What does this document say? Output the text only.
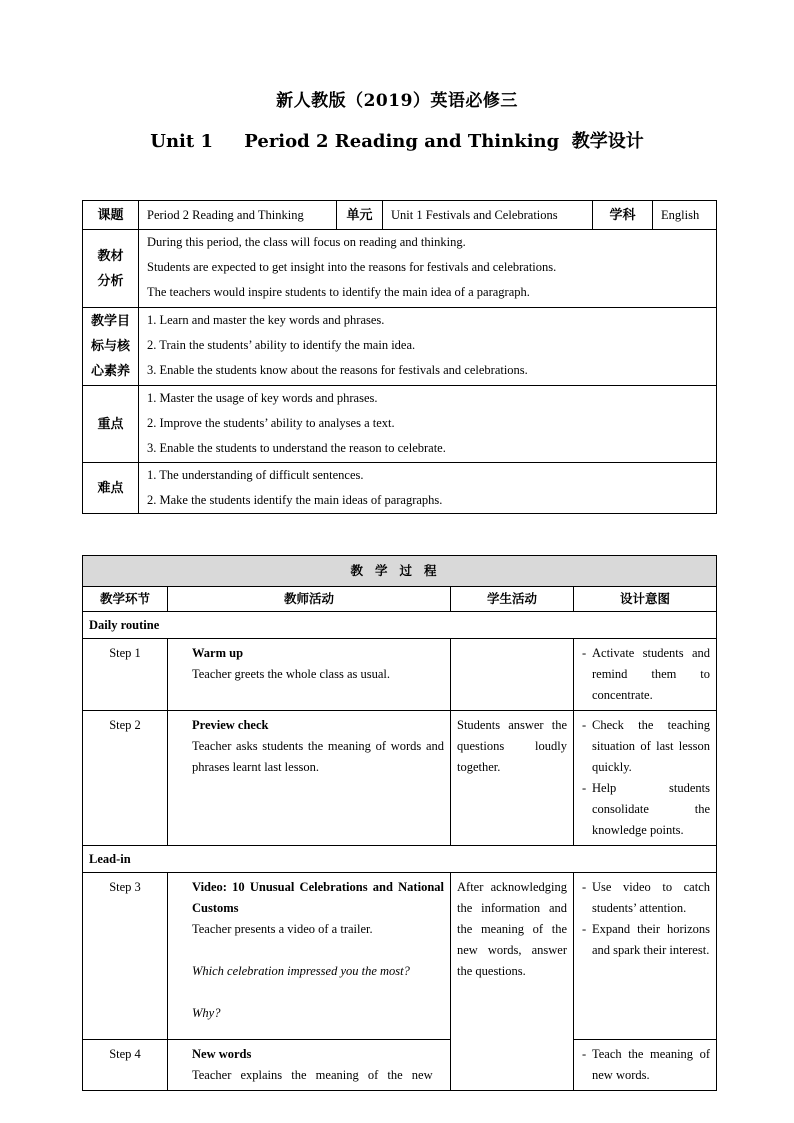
新人教版（2019）英语必修三
Unit 1     Period 2 Reading and Thinking  教学设计
课题	Period 2 Reading and Thinking	单元	Unit 1 Festivals and Celebrations	学科	English

教材
分析	During this period, the class will focus on reading and thinking.
Students are expected to get insight into the reasons for festivals and celebrations.
The teachers would inspire students to identify the main idea of a paragraph.				

教学目
标与核
心素养	1. Learn and master the key words and phrases.
2. Train the students’ ability to identify the main idea.
3. Enable the students know about the reasons for festivals and celebrations.				

重点	1. Master the usage of key words and phrases.
2. Improve the students’ ability to analyses a text.
3. Enable the students to understand the reason to celebrate.				

难点	1. The understanding of difficult sentences.
2. Make the students identify the main ideas of paragraphs.				
教学过程			
教学环节	教师活动	学生活动	设计意图
Daily routine			
Step 1	Warm up
Teacher greets the whole class as usual.		- Activate students and remind them to concentrate.

Step 2	Preview check
Teacher asks students the meaning of words and phrases learnt last lesson.	Students answer the questions loudly together.	- Check the teaching situation of last lesson quickly.
- Help students consolidate the knowledge points.

Lead-in			
Step 3	Video: 10 Unusual Celebrations and National Customs
Teacher presents a video of a trailer.
Which celebration impressed you the most?
Why?	After acknowledging the information and the meaning of the new words, answer the questions.	- Use video to catch students’ attention.
- Expand their horizons and spark their interest.

Step 4	New words
Teacher explains the meaning of the new		- Teach the meaning of new words.
